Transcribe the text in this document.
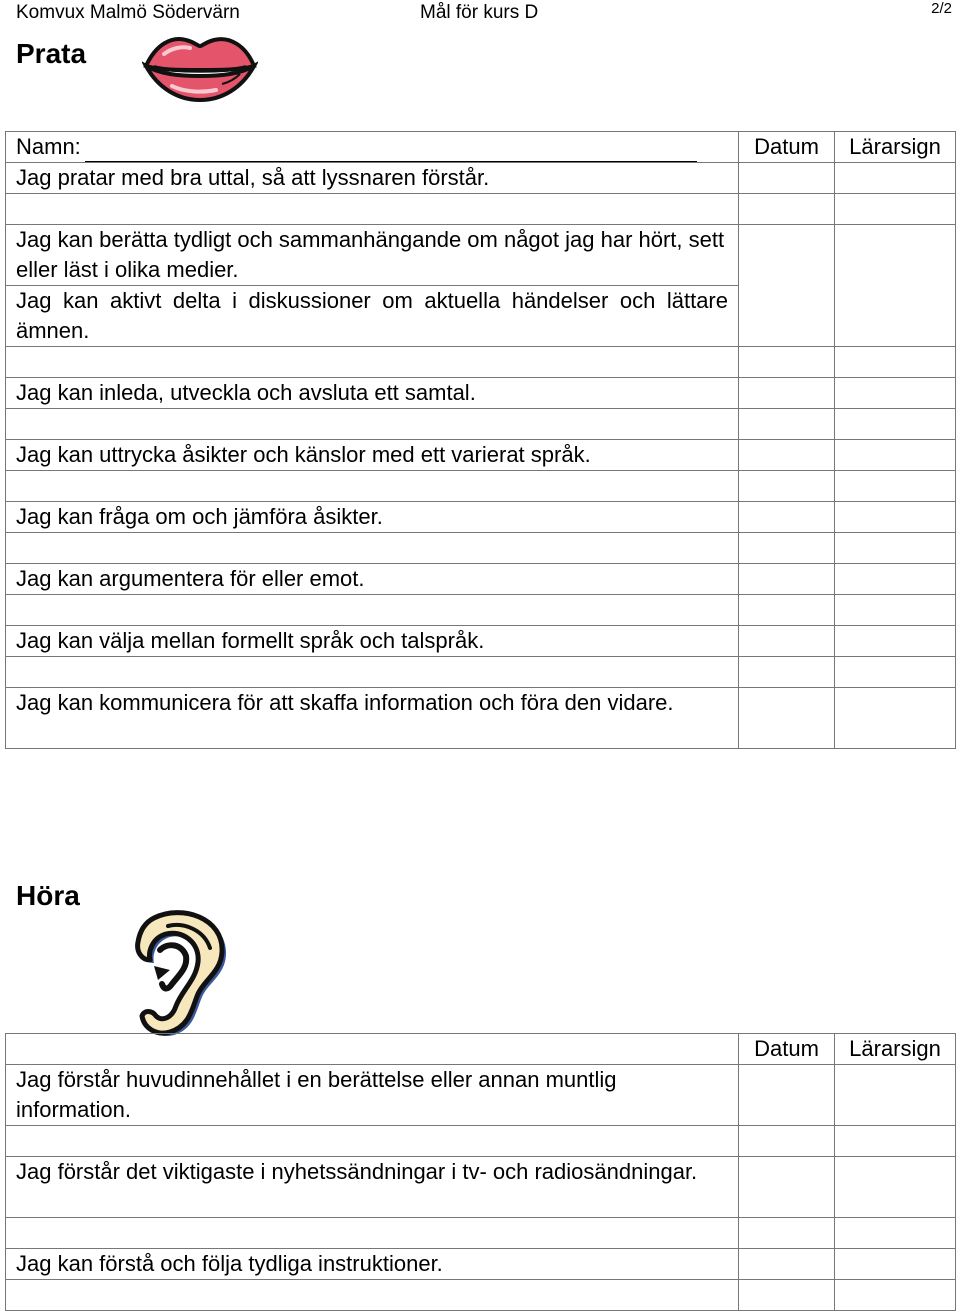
Komvux Malmö Södervärn	Mål för kurs D	2/2
Prata
Namn:	Datum	Lärarsign
Jag pratar med bra uttal, så att lyssnaren förstår.		

Jag kan berätta tydligt och sammanhängande om något jag har hört, sett eller läst i olika medier.		
Jag kan aktivt delta i diskussioner om aktuella händelser och lättare ämnen.		

Jag kan inleda, utveckla och avsluta ett samtal.		

Jag kan uttrycka åsikter och känslor med ett varierat språk.		

Jag kan fråga om och jämföra åsikter.		

Jag kan argumentera för eller emot.		

Jag kan välja mellan formellt språk och talspråk.		

Jag kan kommunicera för att skaffa information och föra den vidare.		
Höra
	Datum	Lärarsign
Jag förstår huvudinnehållet i en berättelse eller annan muntlig information.		

Jag förstår det viktigaste i nyhetssändningar i tv- och radiosändningar.		

Jag kan förstå och följa tydliga instruktioner.		
